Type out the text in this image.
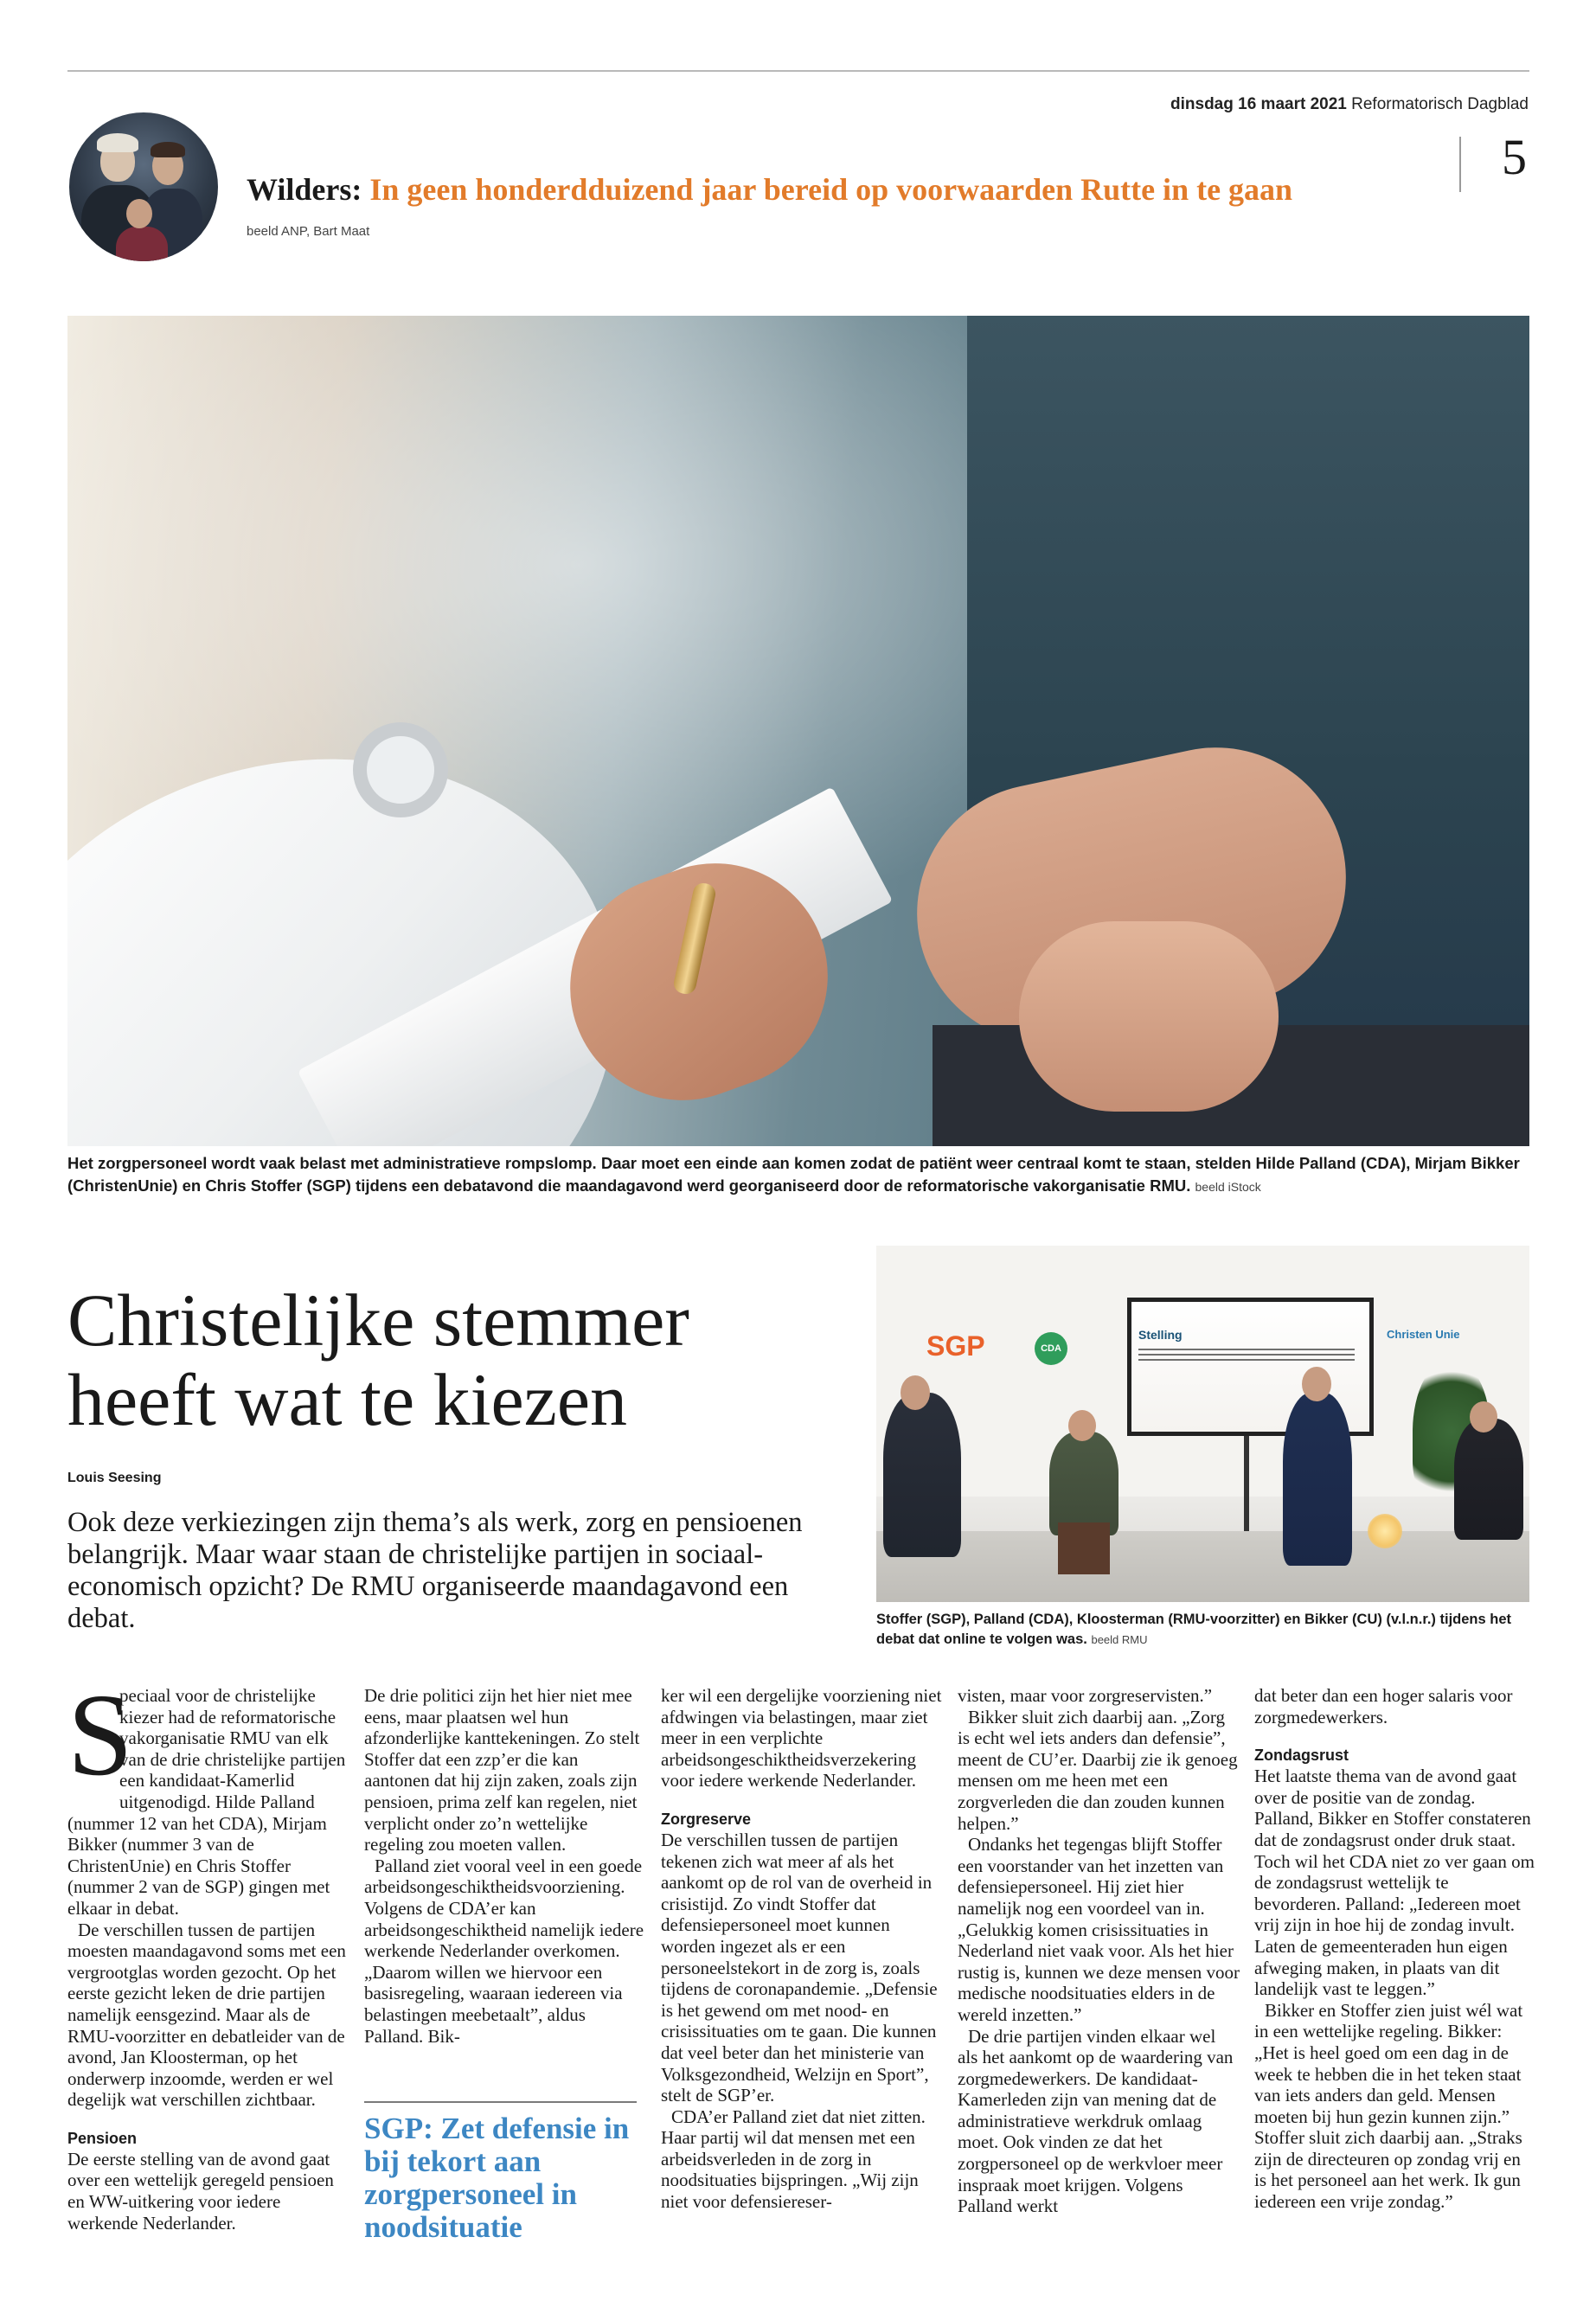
dinsdag 16 maart 2021 Reformatorisch Dagblad
5
Wilders: In geen honderdduizend jaar bereid op voorwaarden Rutte in te gaan
beeld ANP, Bart Maat
Het zorgpersoneel wordt vaak belast met administratieve rompslomp. Daar moet een einde aan komen zodat de patiënt weer centraal komt te staan, stelden Hilde Palland (CDA), Mirjam Bikker (ChristenUnie) en Chris Stoffer (SGP) tijdens een debatavond die maandagavond werd georganiseerd door de reformatorische vakorganisatie RMU. beeld iStock
Christelijke stemmer heeft wat te kiezen
Louis Seesing
Ook deze verkiezingen zijn thema’s als werk, zorg en pensioenen belangrijk. Maar waar staan de christelijke partijen in sociaal-economisch opzicht? De RMU organiseerde maandagavond een debat.
SGP	CDA
Christen Unie
Stelling
Stoffer (SGP), Palland (CDA), Kloosterman (RMU-voorzitter) en Bikker (CU) (v.l.n.r.) tijdens het debat dat online te volgen was. beeld RMU
S

peciaal voor de christelijke kiezer had de reformatorische vakorganisatie RMU van elk van de drie christelijke partijen een kandidaat-Kamerlid uitgenodigd. Hilde Palland (nummer 12 van het CDA), Mirjam Bikker (nummer 3 van de ChristenUnie) en Chris Stoffer (nummer 2 van de SGP) gingen met elkaar in debat.

De verschillen tussen de partijen moesten maandagavond soms met een vergrootglas worden gezocht. Op het eerste gezicht leken de drie partijen namelijk eensgezind. Maar als de RMU-voorzitter en debatleider van de avond, Jan Kloosterman, op het onderwerp inzoomde, werden er wel degelijk wat verschillen zichtbaar.

Pensioen

De eerste stelling van de avond gaat over een wettelijk geregeld pensioen en WW-uitkering voor iedere werkende Nederlander.

De drie politici zijn het hier niet mee eens, maar plaatsen wel hun afzonderlijke kanttekeningen. Zo stelt Stoffer dat een zzp’er die kan aantonen dat hij zijn zaken, zoals zijn pensioen, prima zelf kan regelen, niet verplicht onder zo’n wettelijke regeling zou moeten vallen.

Palland ziet vooral veel in een goede arbeidsongeschiktheidsvoorziening. Volgens de CDA’er kan arbeidsongeschiktheid namelijk iedere werkende Nederlander overkomen. „Daarom willen we hiervoor een basisregeling, waaraan iedereen via belastingen meebetaalt”, aldus Palland. Bik-

SGP: Zet defensie in bij tekort aan zorgpersoneel in noodsituatie

ker wil een dergelijke voorziening niet afdwingen via belastingen, maar ziet meer in een verplichte arbeidsongeschiktheidsverzekering voor iedere werkende Nederlander.

Zorgreserve

De verschillen tussen de partijen tekenen zich wat meer af als het aankomt op de rol van de overheid in crisistijd. Zo vindt Stoffer dat defensiepersoneel moet kunnen worden ingezet als er een personeelstekort in de zorg is, zoals tijdens de coronapandemie. „Defensie is het gewend om met nood- en crisissituaties om te gaan. Die kunnen dat veel beter dan het ministerie van Volksgezondheid, Welzijn en Sport”, stelt de SGP’er.

CDA’er Palland ziet dat niet zitten. Haar partij wil dat mensen met een arbeidsverleden in de zorg in noodsituaties bijspringen. „Wij zijn niet voor defensiereser-

visten, maar voor zorgreservisten.”

Bikker sluit zich daarbij aan. „Zorg is echt wel iets anders dan defensie”, meent de CU’er. Daarbij zie ik genoeg mensen om me heen met een zorgverleden die dan zouden kunnen helpen.”

Ondanks het tegengas blijft Stoffer een voorstander van het inzetten van defensiepersoneel. Hij ziet hier namelijk nog een voordeel van in. „Gelukkig komen crisissituaties in Nederland niet vaak voor. Als het hier rustig is, kunnen we deze mensen voor medische noodsituaties elders in de wereld inzetten.”

De drie partijen vinden elkaar wel als het aankomt op de waardering van zorgmedewerkers. De kandidaat-Kamerleden zijn van mening dat de administratieve werkdruk omlaag moet. Ook vinden ze dat het zorgpersoneel op de werkvloer meer inspraak moet krijgen. Volgens Palland werkt

dat beter dan een hoger salaris voor zorgmedewerkers.

Zondagsrust

Het laatste thema van de avond gaat over de positie van de zondag. Palland, Bikker en Stoffer constateren dat de zondagsrust onder druk staat. Toch wil het CDA niet zo ver gaan om de zondagsrust wettelijk te bevorderen. Palland: „Iedereen moet vrij zijn in hoe hij de zondag invult. Laten de gemeenteraden hun eigen afweging maken, in plaats van dit landelijk vast te leggen.”

Bikker en Stoffer zien juist wél wat in een wettelijke regeling. Bikker: „Het is heel goed om een dag in de week te hebben die in het teken staat van iets anders dan geld. Mensen moeten bij hun gezin kunnen zijn.” Stoffer sluit zich daarbij aan. „Straks zijn de directeuren op zondag vrij en is het personeel aan het werk. Ik gun iedereen een vrije zondag.”
